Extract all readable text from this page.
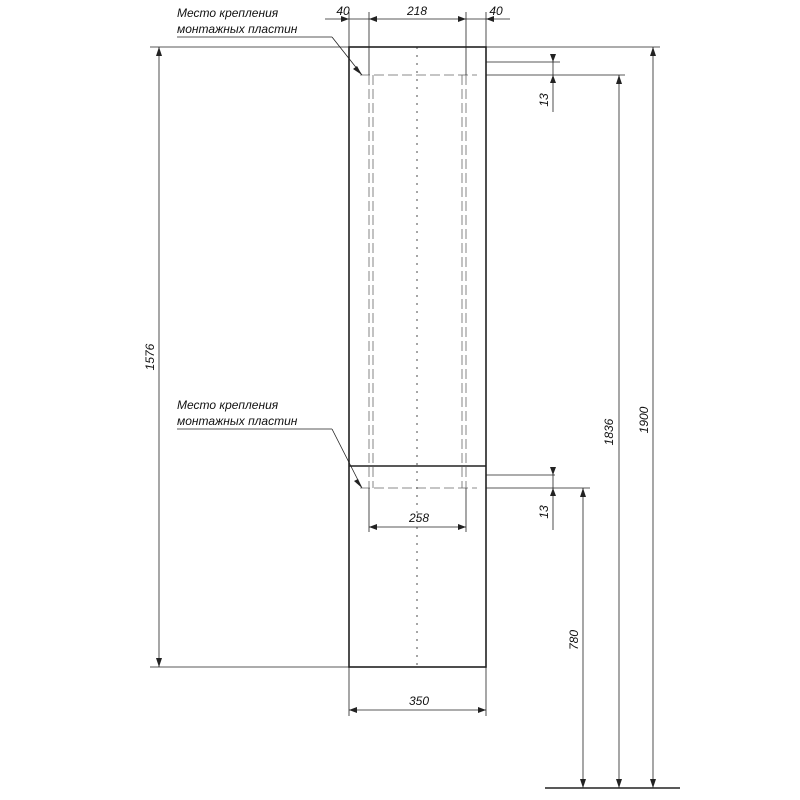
40	218	40
Место крепления
монтажных пластин
Место крепления
монтажных пластин
1576
13
13
258
350
780
1836 1900
